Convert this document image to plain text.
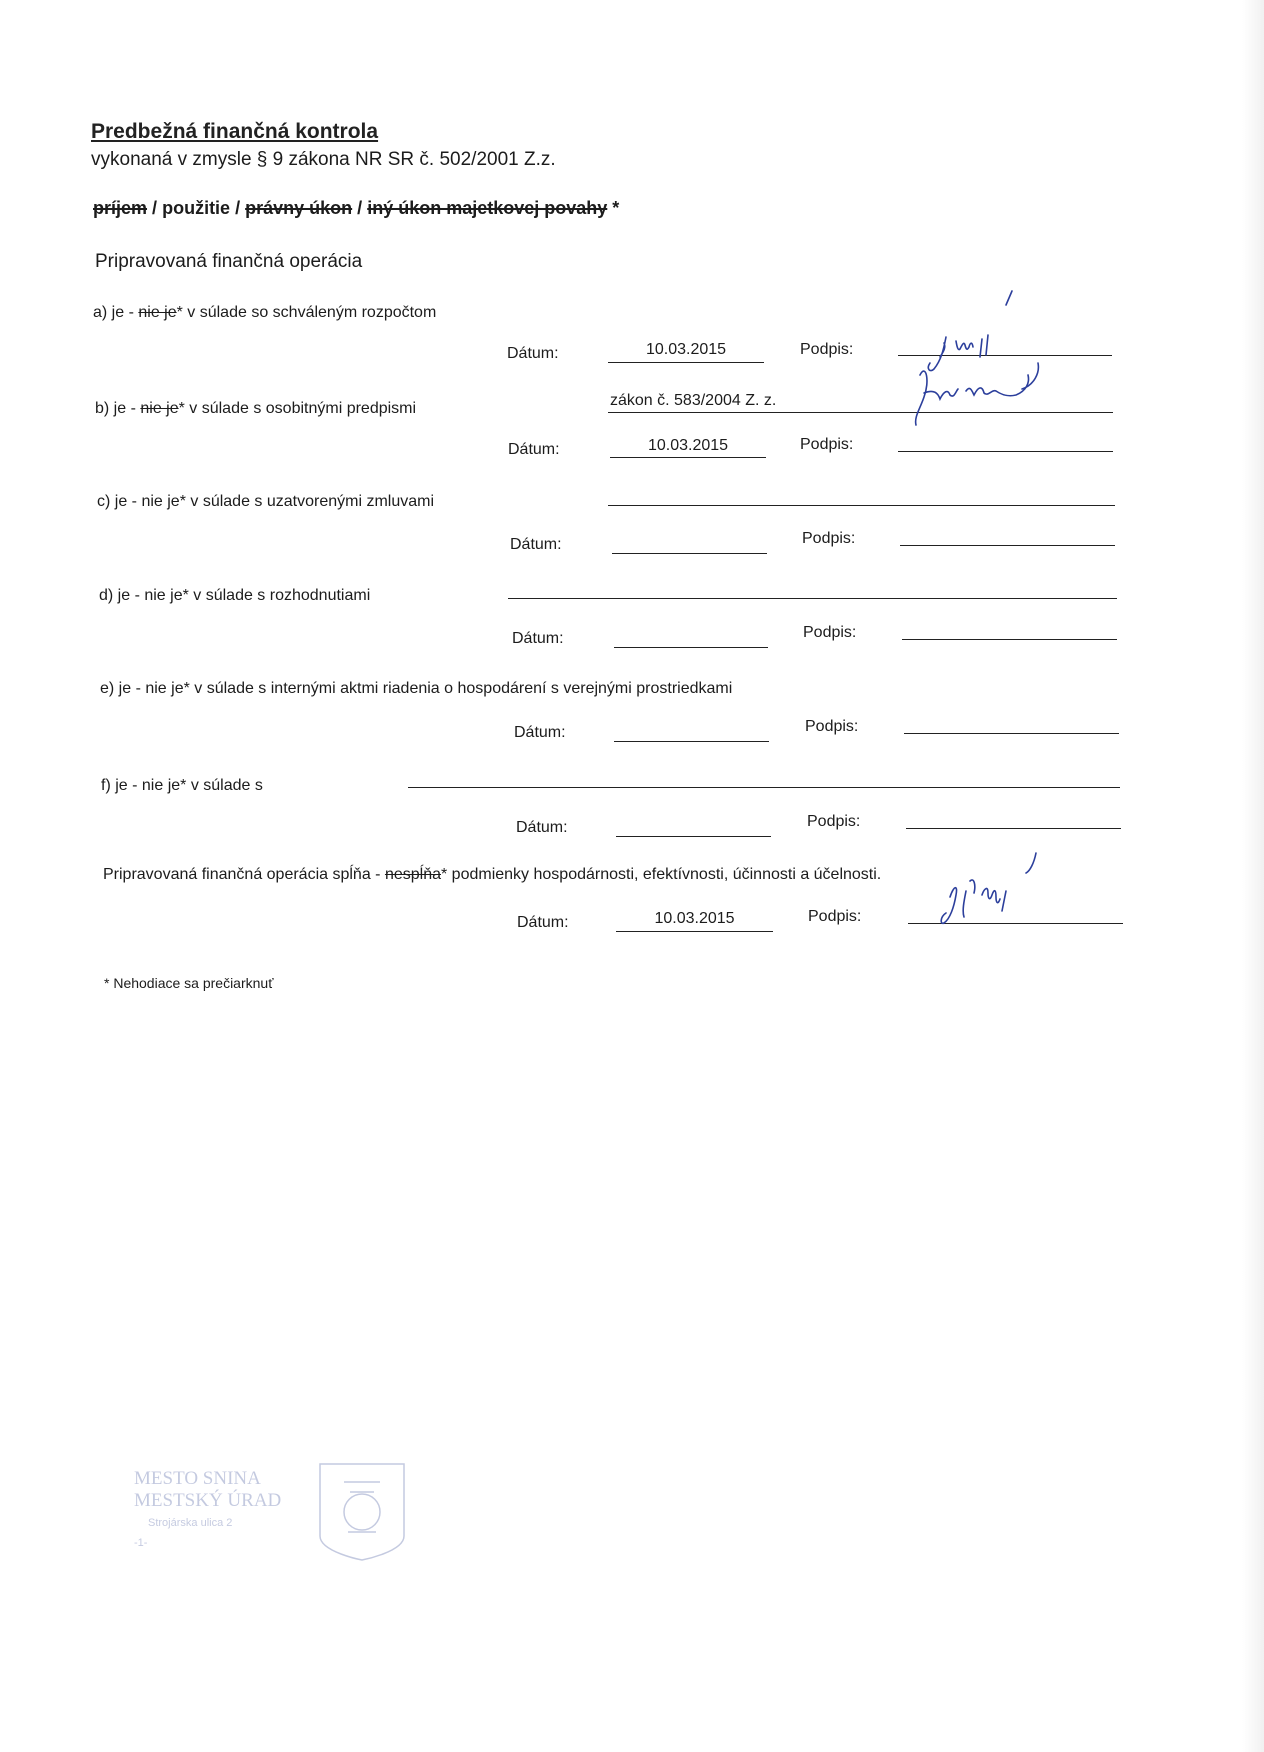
Predbežná finančná kontrola
vykonaná v zmysle § 9 zákona NR SR č. 502/2001 Z.z.
príjem / použitie / právny úkon / iný úkon majetkovej povahy *
Pripravovaná finančná operácia
a) je - nie je* v súlade so schváleným rozpočtom
Dátum:	10.03.2015	Podpis:
b) je - nie je* v súlade s osobitnými predpismi	zákon č. 583/2004 Z. z.
Dátum:	10.03.2015	Podpis:
c) je - nie je* v súlade s uzatvorenými zmluvami
Dátum:	Podpis:
d) je - nie je* v súlade s rozhodnutiami
Dátum:	Podpis:
e) je - nie je* v súlade s internými aktmi riadenia o hospodárení s verejnými prostriedkami
Dátum:	Podpis:
f) je - nie je* v súlade s
Dátum:	Podpis:
Pripravovaná finančná operácia spĺňa - nespĺňa* podmienky hospodárnosti, efektívnosti, účinnosti a účelnosti.
Dátum:	10.03.2015	Podpis:
* Nehodiace sa prečiarknuť
MESTO SNINA
MESTSKÝ ÚRAD
Strojárska ulica 2
-1-
